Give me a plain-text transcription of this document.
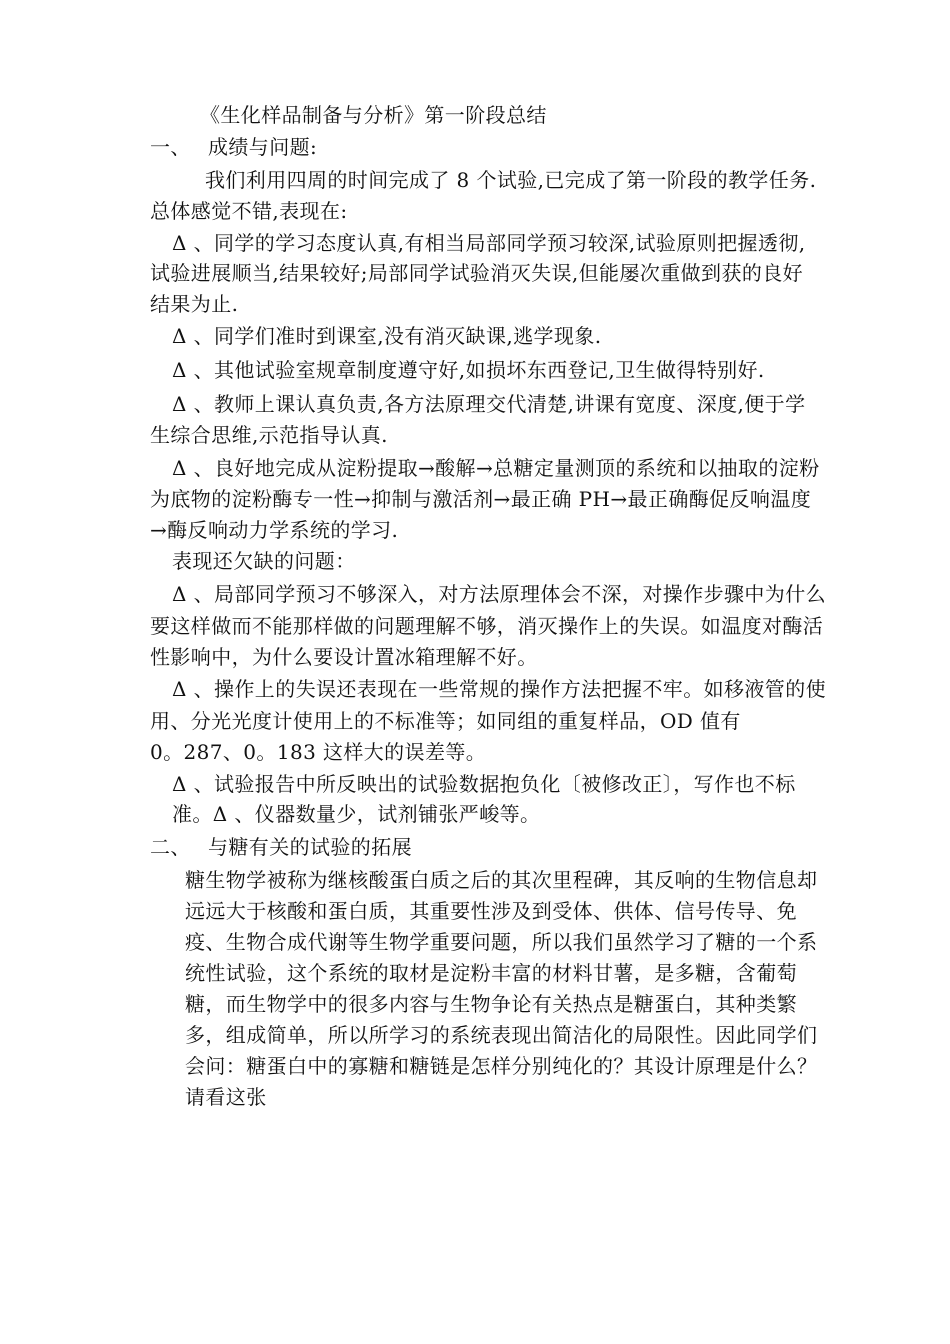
《生化样品制备与分析》第一阶段总结
一、 成绩与问题:
我们利用四周的时间完成了 8 个试验,已完成了第一阶段的教学任务.
总体感觉不错,表现在:
Δ 、同学的学习态度认真,有相当局部同学预习较深,试验原则把握透彻,
试验进展顺当,结果较好;局部同学试验消灭失误,但能屡次重做到获的良好
结果为止.
Δ 、同学们准时到课室,没有消灭缺课,逃学现象.
Δ 、其他试验室规章制度遵守好,如损坏东西登记,卫生做得特别好.
Δ 、教师上课认真负责,各方法原理交代清楚,讲课有宽度、深度,便于学
生综合思维,示范指导认真.
Δ 、良好地完成从淀粉提取→酸解→总糖定量测顶的系统和以抽取的淀粉
为底物的淀粉酶专一性→抑制与激活剂→最正确 PH→最正确酶促反响温度
→酶反响动力学系统的学习.
表现还欠缺的问题：
Δ 、局部同学预习不够深入，对方法原理体会不深，对操作步骤中为什么
要这样做而不能那样做的问题理解不够，消灭操作上的失误。如温度对酶活
性影响中，为什么要设计置冰箱理解不好。
Δ 、操作上的失误还表现在一些常规的操作方法把握不牢。如移液管的使
用、分光光度计使用上的不标准等；如同组的重复样品，OD 值有
0。287、0。183 这样大的误差等。
Δ 、试验报告中所反映出的试验数据抱负化〔被修改正〕，写作也不标
准。Δ 、仪器数量少，试剂铺张严峻等。
二、 与糖有关的试验的拓展
糖生物学被称为继核酸蛋白质之后的其次里程碑，其反响的生物信息却
远远大于核酸和蛋白质，其重要性涉及到受体、供体、信号传导、免
疫、生物合成代谢等生物学重要问题，所以我们虽然学习了糖的一个系
统性试验，这个系统的取材是淀粉丰富的材料甘薯，是多糖，含葡萄
糖，而生物学中的很多内容与生物争论有关热点是糖蛋白，其种类繁
多，组成简单，所以所学习的系统表现出简洁化的局限性。因此同学们
会问：糖蛋白中的寡糖和糖链是怎样分别纯化的？其设计原理是什么？
请看这张
